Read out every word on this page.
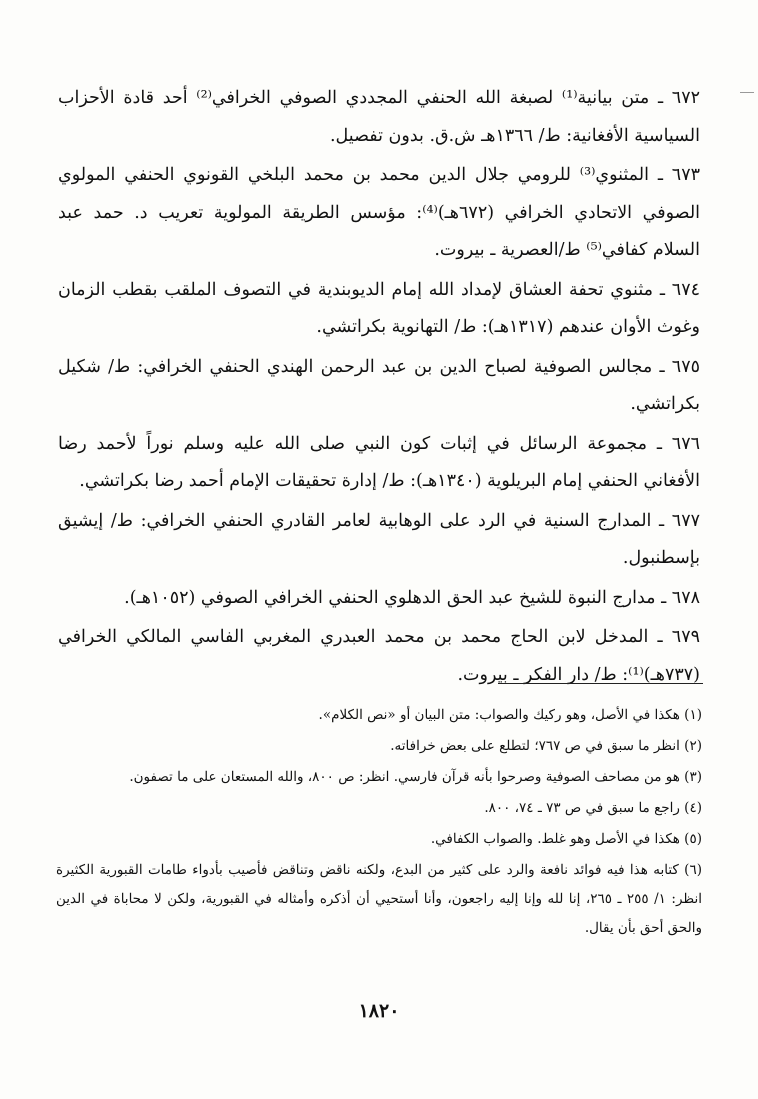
٦٧٢ ـ متن بيانية⁽¹⁾ لصبغة الله الحنفي المجددي الصوفي الخرافي⁽²⁾ أحد قادة الأحزاب السياسية الأفغانية: ط/ ١٣٦٦هـ ش.ق. بدون تفصيل.

٦٧٣ ـ المثنوي⁽³⁾ للرومي جلال الدين محمد بن محمد البلخي القونوي الحنفي المولوي الصوفي الاتحادي الخرافي (٦٧٢هـ)⁽⁴⁾: مؤسس الطريقة المولوية تعريب د. حمد عبد السلام كفافي⁽⁵⁾ ط/العصرية ـ بيروت.

٦٧٤ ـ مثنوي تحفة العشاق لإمداد الله إمام الديوبندية في التصوف الملقب بقطب الزمان وغوث الأوان عندهم (١٣١٧هـ): ط/ التهانوية بكراتشي.

٦٧٥ ـ مجالس الصوفية لصباح الدين بن عبد الرحمن الهندي الحنفي الخرافي: ط/ شكيل بكراتشي.

٦٧٦ ـ مجموعة الرسائل في إثبات كون النبي صلى الله عليه وسلم نوراً لأحمد رضا الأفغاني الحنفي إمام البريلوية (١٣٤٠هـ): ط/ إدارة تحقيقات الإمام أحمد رضا بكراتشي.

٦٧٧ ـ المدارج السنية في الرد على الوهابية لعامر القادري الحنفي الخرافي: ط/ إيشيق بإسطنبول.

٦٧٨ ـ مدارج النبوة للشيخ عبد الحق الدهلوي الحنفي الخرافي الصوفي (١٠٥٢هـ).

٦٧٩ ـ المدخل لابن الحاج محمد بن محمد العبدري المغربي الفاسي المالكي الخرافي (٧٣٧هـ)⁽¹⁾: ط/ دار الفكر ـ بيروت.

(١) هكذا في الأصل، وهو ركيك والصواب: متن البيان أو «نص الكلام».

(٢) انظر ما سبق في ص ٧٦٧؛ لتطلع على بعض خرافاته.

(٣) هو من مصاحف الصوفية وصرحوا بأنه قرآن فارسي. انظر: ص ٨٠٠، والله المستعان على ما تصفون.

(٤) راجع ما سبق في ص ٧٣ ـ ٧٤، ٨٠٠.

(٥) هكذا في الأصل وهو غلط. والصواب الكفافي.

(٦) كتابه هذا فيه فوائد نافعة والرد على كثير من البدع، ولكنه ناقض وتناقض فأصيب بأدواء طامات القبورية الكثيرة انظر: ١/ ٢٥٥ ـ ٢٦٥، إنا لله وإنا إليه راجعون، وأنا أستحيي أن أذكره وأمثاله في القبورية، ولكن لا محاباة في الدين والحق أحق بأن يقال.

١٨٢٠
